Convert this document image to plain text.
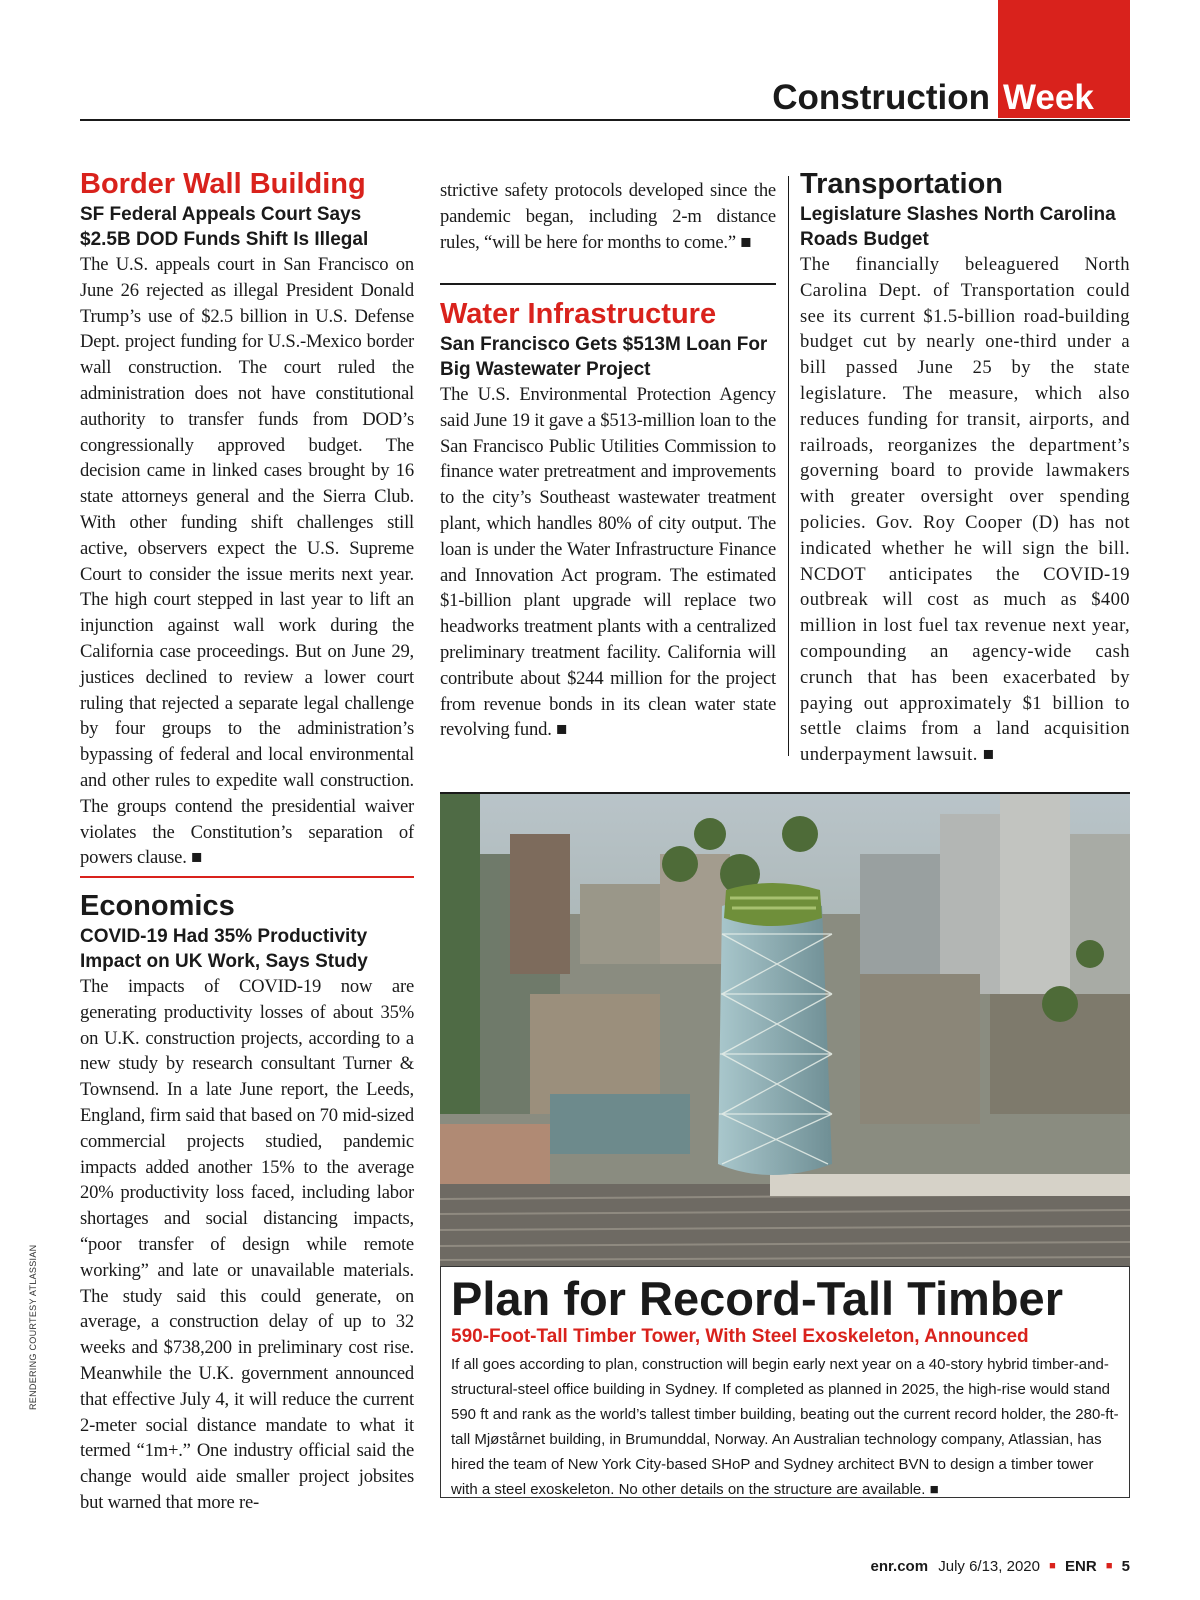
Construction Week
Border Wall Building
SF Federal Appeals Court Says $2.5B DOD Funds Shift Is Illegal
The U.S. appeals court in San Francisco on June 26 rejected as illegal President Donald Trump’s use of $2.5 billion in U.S. Defense Dept. project funding for U.S.-Mexico border wall construction. The court ruled the administration does not have constitutional authority to transfer funds from DOD’s congressionally approved budget. The decision came in linked cases brought by 16 state attorneys general and the Sierra Club. With other funding shift challenges still active, observers expect the U.S. Supreme Court to consider the issue merits next year. The high court stepped in last year to lift an injunction against wall work during the California case proceedings. But on June 29, justices declined to review a lower court ruling that rejected a separate legal challenge by four groups to the administration’s bypassing of federal and local environmental and other rules to expedite wall construction. The groups contend the presidential waiver violates the Constitution’s separation of powers clause. ■
Economics
COVID-19 Had 35% Productivity Impact on UK Work, Says Study
The impacts of COVID-19 now are generating productivity losses of about 35% on U.K. construction projects, according to a new study by research consultant Turner & Townsend. In a late June report, the Leeds, England, firm said that based on 70 mid-sized commercial projects studied, pandemic impacts added another 15% to the average 20% productivity loss faced, including labor shortages and social distancing impacts, “poor transfer of design while remote working” and late or unavailable materials. The study said this could generate, on average, a construction delay of up to 32 weeks and $738,200 in preliminary cost rise. Meanwhile the U.K. government announced that effective July 4, it will reduce the current 2-meter social distance mandate to what it termed “1m+.” One industry official said the change would aide smaller project jobsites but warned that more re-
strictive safety protocols developed since the pandemic began, including 2-m distance rules, “will be here for months to come.” ■
Water Infrastructure
San Francisco Gets $513M Loan For Big Wastewater Project
The U.S. Environmental Protection Agency said June 19 it gave a $513-million loan to the San Francisco Public Utilities Commission to finance water pretreatment and improvements to the city’s Southeast wastewater treatment plant, which handles 80% of city output. The loan is under the Water Infrastructure Finance and Innovation Act program. The estimated $1-billion plant upgrade will replace two headworks treatment plants with a centralized preliminary treatment facility. California will contribute about $244 million for the project from revenue bonds in its clean water state revolving fund. ■
Transportation
Legislature Slashes North Carolina Roads Budget
The financially beleaguered North Carolina Dept. of Transportation could see its current $1.5-billion road-building budget cut by nearly one-third under a bill passed June 25 by the state legislature. The measure, which also reduces funding for transit, airports, and railroads, reorganizes the department’s governing board to provide lawmakers with greater oversight over spending policies. Gov. Roy Cooper (D) has not indicated whether he will sign the bill. NCDOT anticipates the COVID-19 outbreak will cost as much as $400 million in lost fuel tax revenue next year, compounding an agency-wide cash crunch that has been exacerbated by paying out approximately $1 billion to settle claims from a land acquisition underpayment lawsuit. ■
Plan for Record-Tall Timber
590-Foot-Tall Timber Tower, With Steel Exoskeleton, Announced
If all goes according to plan, construction will begin early next year on a 40-story hybrid timber-and-structural-steel office building in Sydney. If completed as planned in 2025, the high-rise would stand 590 ft and rank as the world’s tallest timber building, beating out the current record holder, the 280-ft-tall Mjøstårnet building, in Brumunddal, Norway. An Australian technology company, Atlassian, has hired the team of New York City-based SHoP and Sydney architect BVN to design a timber tower with a steel exoskeleton. No other details on the structure are available. ■
RENDERING COURTESY ATLASSIAN
enr.com July 6/13, 2020 ■ ENR ■ 5
